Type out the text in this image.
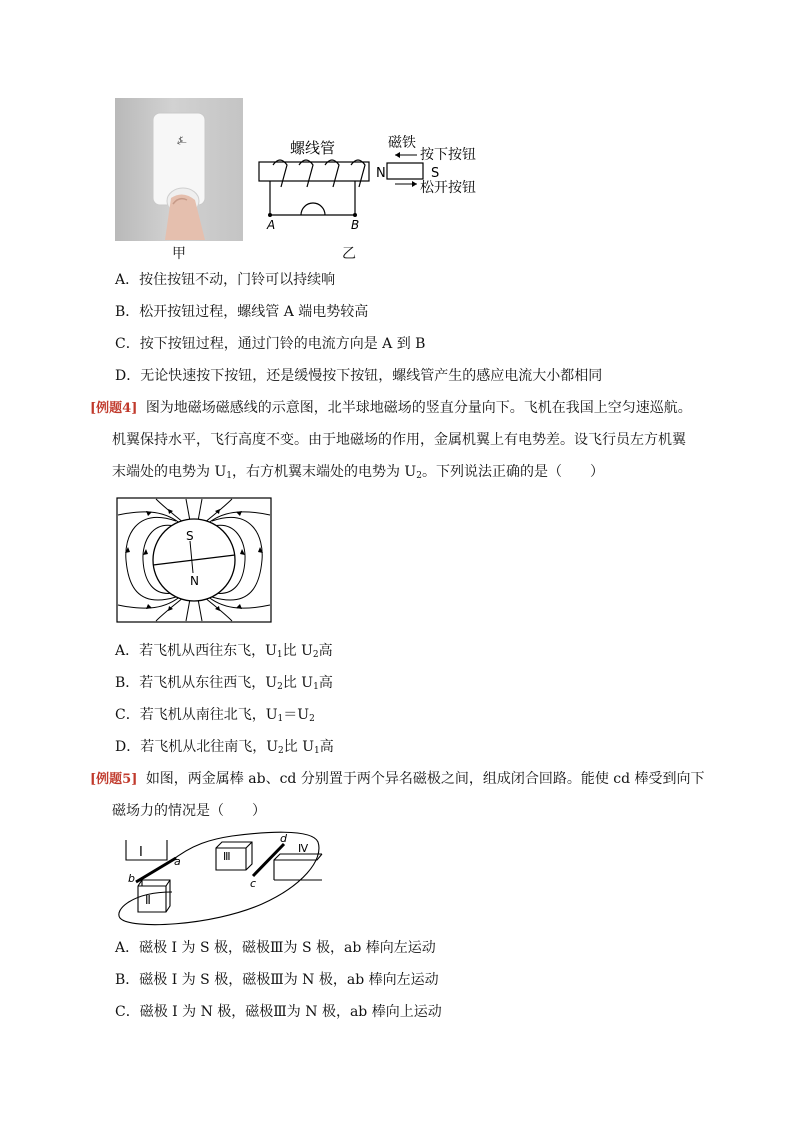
⍼
甲
螺线管	磁铁
按下按钮
松开按钮
N	S
A	B
乙
A．按住按钮不动，门铃可以持续响
B．松开按钮过程，螺线管 A 端电势较高
C．按下按钮过程，通过门铃的电流方向是 A 到 B
D．无论快速按下按钮，还是缓慢按下按钮，螺线管产生的感应电流大小都相同
[例题4] 图为地磁场磁感线的示意图，北半球地磁场的竖直分量向下。飞机在我国上空匀速巡航。
机翼保持水平，飞行高度不变。由于地磁场的作用，金属机翼上有电势差。设飞行员左方机翼
末端处的电势为 $U_1$，右方机翼末端处的电势为 $U_2$。下列说法正确的是（　　）
S
N
A．若飞机从西往东飞，$U_1$比 $U_2$高
B．若飞机从东往西飞，$U_2$比 $U_1$高
C．若飞机从南往北飞，$U_1=U_2$
D．若飞机从北往南飞，$U_2$比 $U_1$高
[例题5] 如图，两金属棒 ab、cd 分别置于两个异名磁极之间，组成闭合回路。能使 cd 棒受到向下
磁场力的情况是（　　）
Ⅰ
Ⅱ
Ⅲ
Ⅳ
a
b	c
d
A．磁极 I 为 S 极，磁极Ⅲ为 S 极，ab 棒向左运动
B．磁极 I 为 S 极，磁极Ⅲ为 N 极，ab 棒向左运动
C．磁极 I 为 N 极，磁极Ⅲ为 N 极，ab 棒向上运动
